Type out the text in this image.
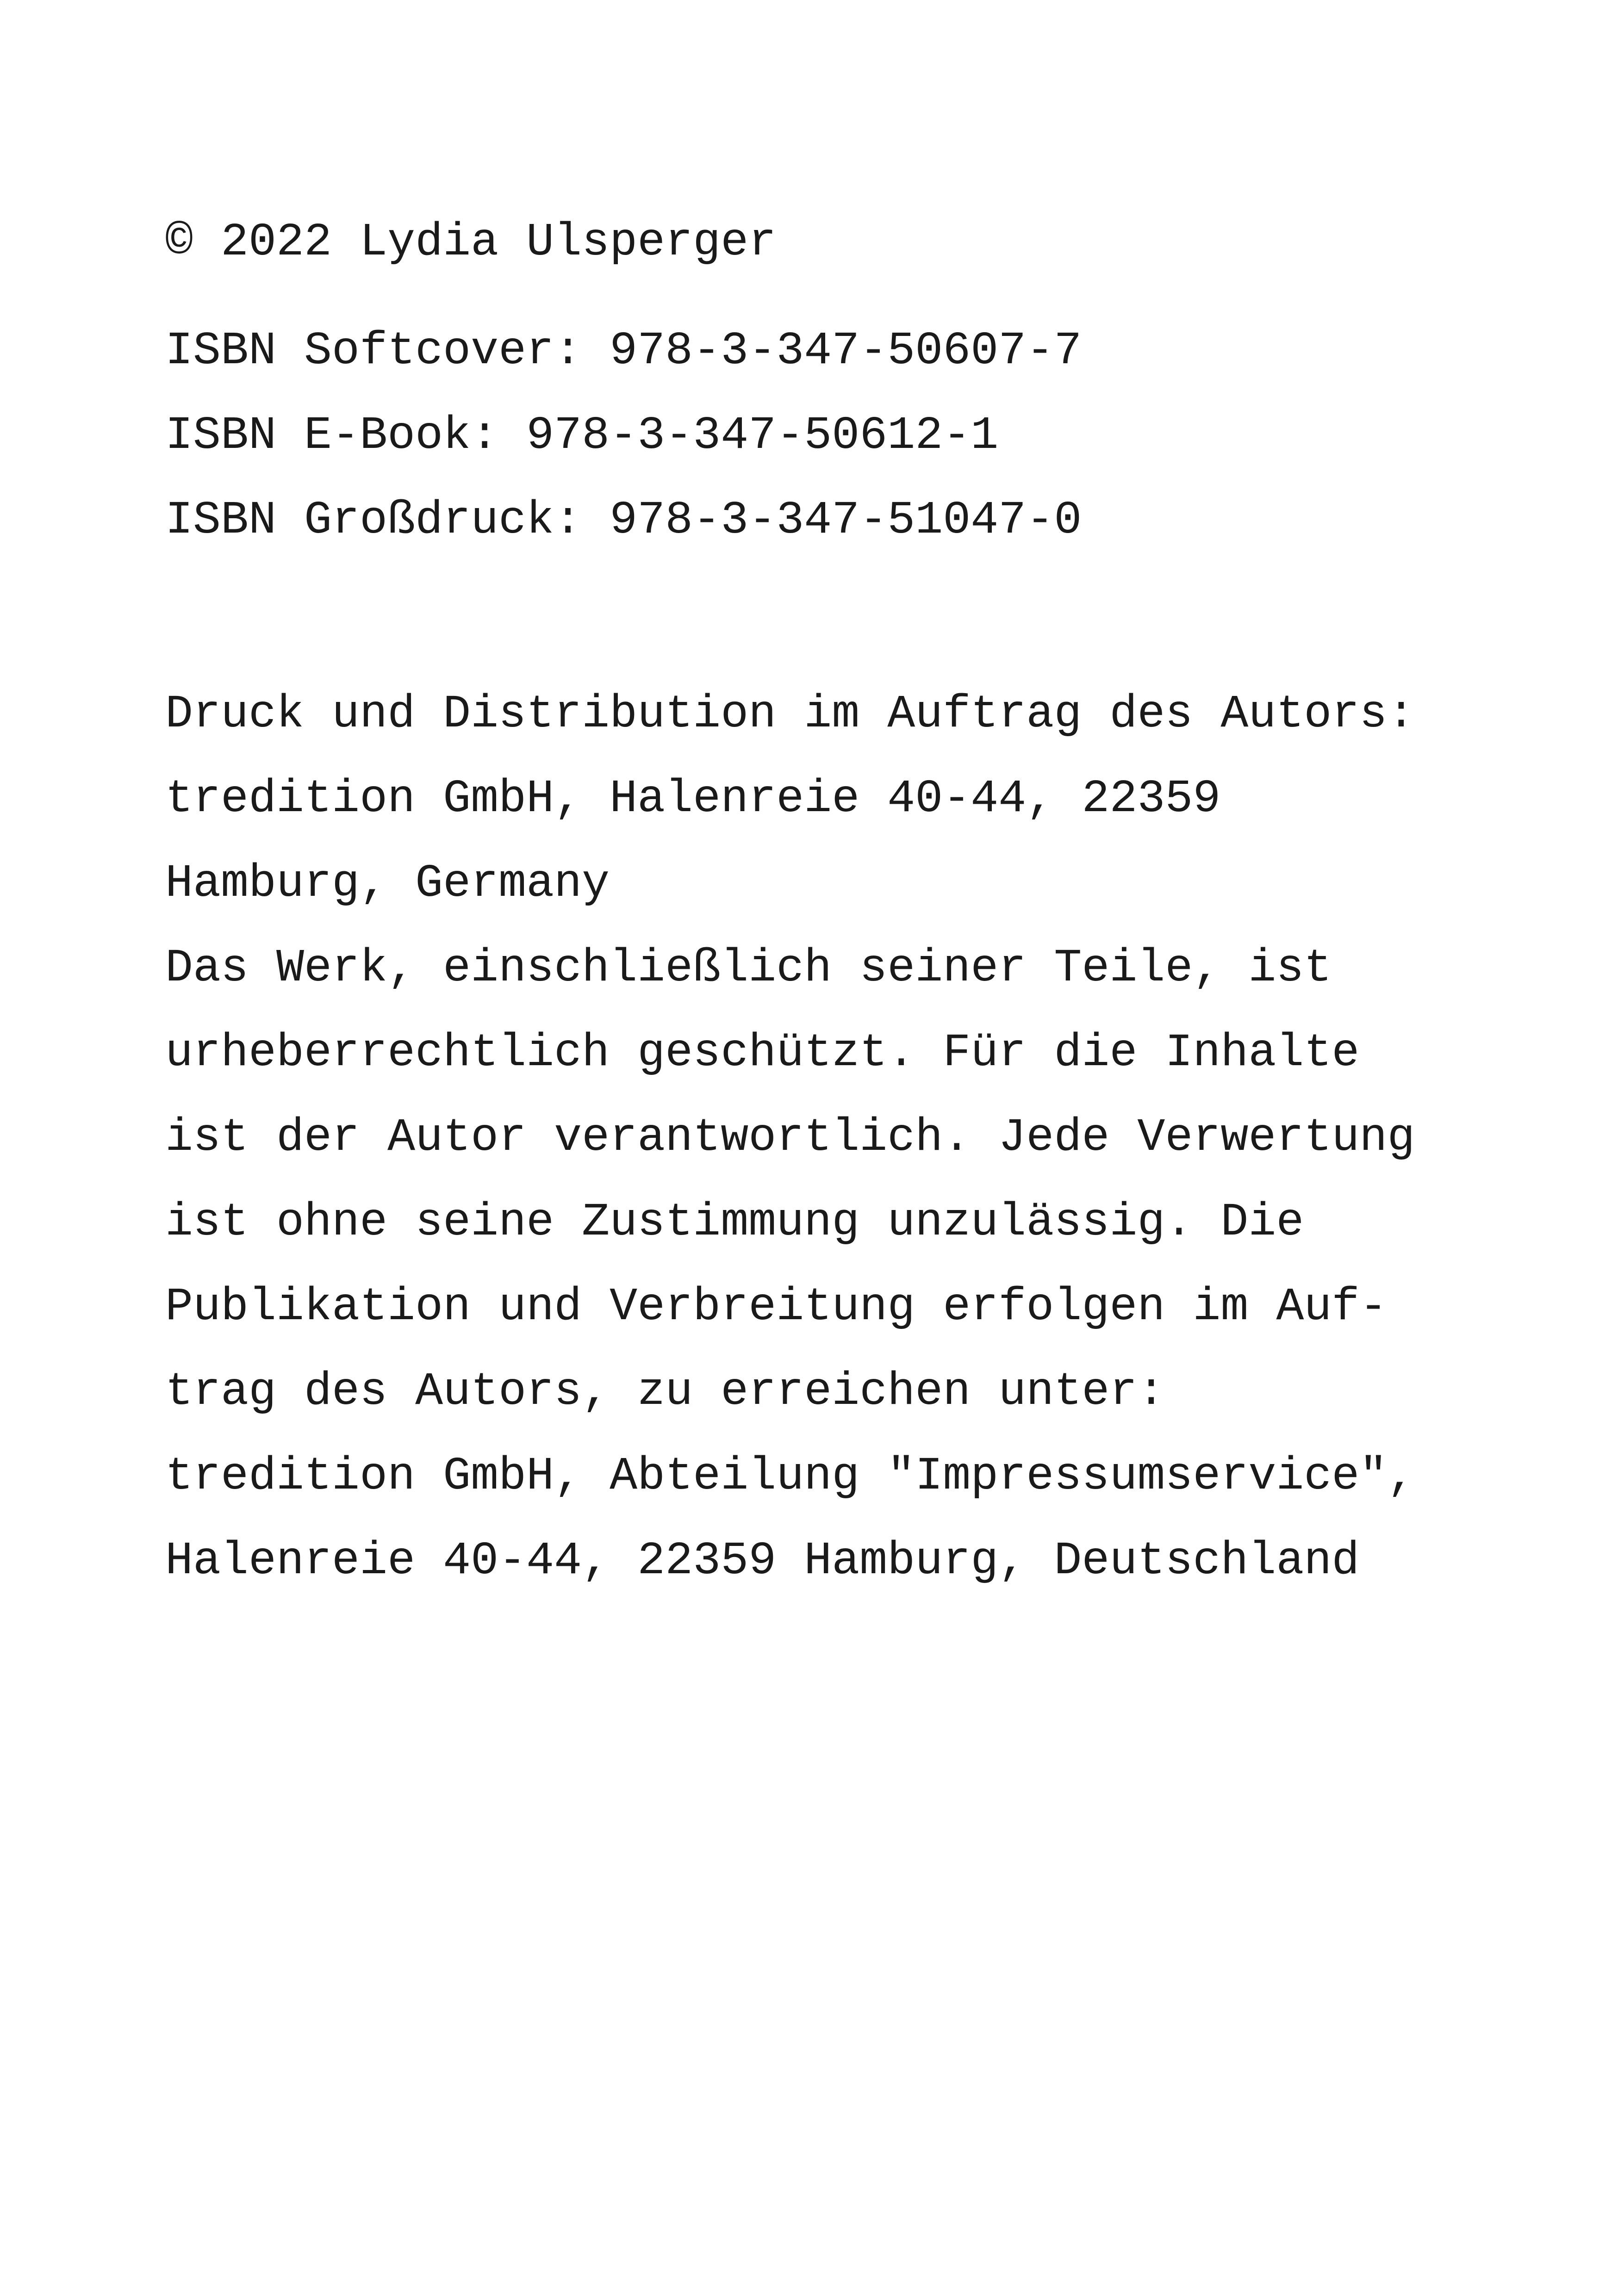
© 2022 Lydia Ulsperger

ISBN Softcover: 978-3-347-50607-7

ISBN E-Book: 978-3-347-50612-1

ISBN Großdruck: 978-3-347-51047-0

Druck und Distribution im Auftrag des Autors:

tredition GmbH, Halenreie 40-44, 22359

Hamburg, Germany

Das Werk, einschließlich seiner Teile, ist

urheberrechtlich geschützt. Für die Inhalte

ist der Autor verantwortlich. Jede Verwertung

ist ohne seine Zustimmung unzulässig. Die

Publikation und Verbreitung erfolgen im Auf-

trag des Autors, zu erreichen unter:

tredition GmbH, Abteilung "Impressumservice",

Halenreie 40-44, 22359 Hamburg, Deutschland
